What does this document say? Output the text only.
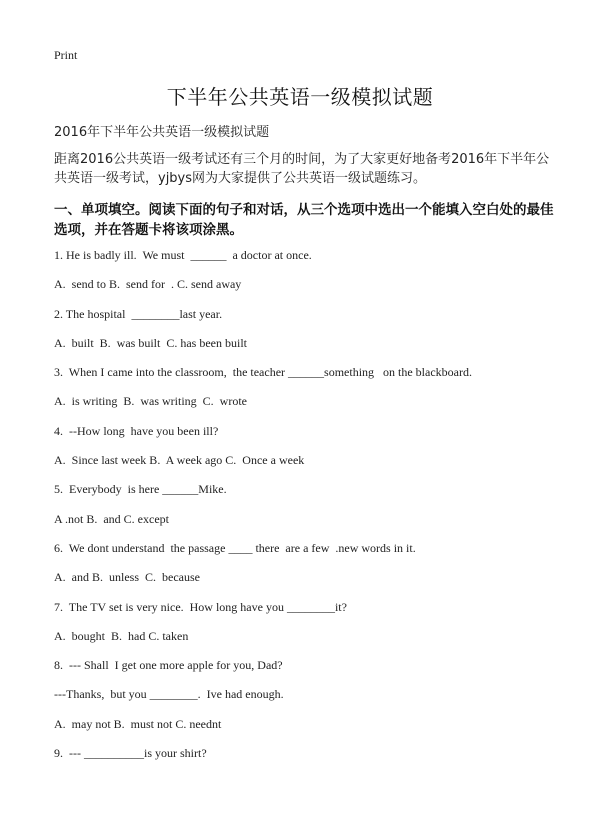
Print
下半年公共英语一级模拟试题
2016年下半年公共英语一级模拟试题
距离2016公共英语一级考试还有三个月的时间，为了大家更好地备考2016年下半年公共英语一级考试，yjbys网为大家提供了公共英语一级试题练习。
一、单项填空。阅读下面的句子和对话，从三个选项中选出一个能填入空白处的最佳选项，并在答题卡将该项涂黑。
1. He is badly ill.  We must  ______  a doctor at once.
A.  send to B.  send for  . C. send away
2. The hospital  ________last year.
A.  built  B.  was built  C. has been built
3.  When I came into the classroom,  the teacher ______something   on the blackboard.
A.  is writing  B.  was writing  C.  wrote
4.  --How long  have you been ill?
A.  Since last week B.  A week ago C.  Once a week
5.  Everybody  is here ______Mike.
A .not B.  and C. except
6.  We dont understand  the passage ____ there  are a few  .new words in it.
A.  and B.  unless  C.  because
7.  The TV set is very nice.  How long have you ________it?
A.  bought  B.  had C. taken
8.  --- Shall  I get one more apple for you, Dad?
---Thanks,  but you ________.  Ive had enough.
A.  may not B.  must not C. neednt
9.  --- __________is your shirt?
